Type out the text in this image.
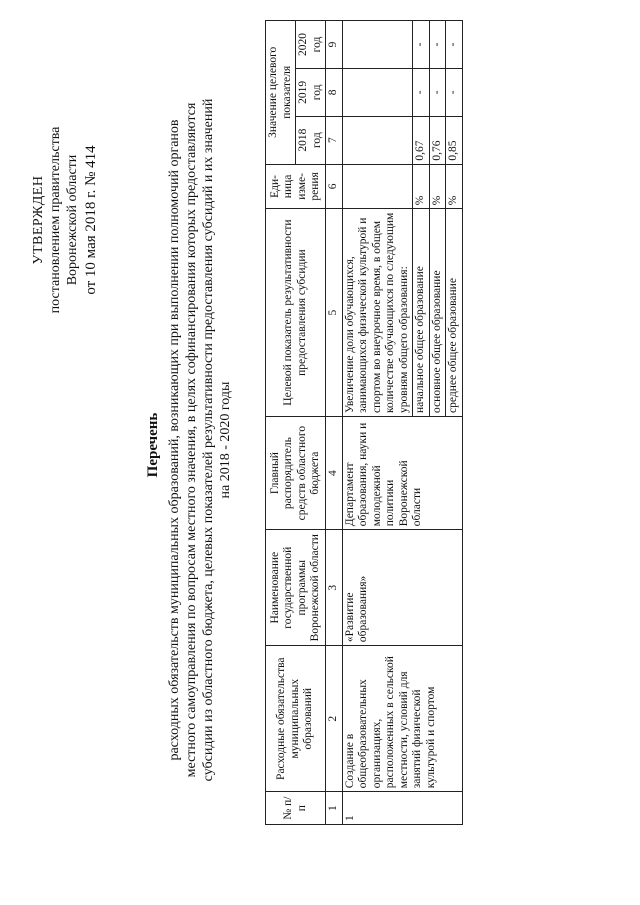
УТВЕРЖДЕН постановлением правительства Воронежской области от 10 мая 2018 г. № 414
Перечень расходных обязательств муниципальных образований, возникающих при выполнении полномочий органов местного самоуправления по вопросам местного значения, в целях софинансирования которых предоставляются субсидии из областного бюджета, целевых показателей результативности предоставления субсидий и их значений на 2018 - 2020 годы
№ п/п	Расходные обязательства муниципальных образований	Наименование государственной программы Воронежской области	Главный распорядитель средств областного бюджета	Целевой показатель результативности предоставления субсидии	Еди-ница изме-рения	Значение целевого показателя		
						2018 год	2019 год	2020 год
1	2	3	4	5	6	7	8	9
1	Создание в общеобразовательных организациях, расположенных в сельской местности, условий для занятий физической культурой и спортом	«Развитие образования»	Департамент образования, науки и молодежной политики Воронежской области	Увеличение доли обучающихся, занимающихся физической культурой и спортом во внеурочное время, в общем количестве обучающихся по следующим уровням общего образования:				
				начальное общее образование	%	0,67	-	-
				основное общее образование	%	0,76	-	-
				среднее общее образование	%	0,85	-	-
